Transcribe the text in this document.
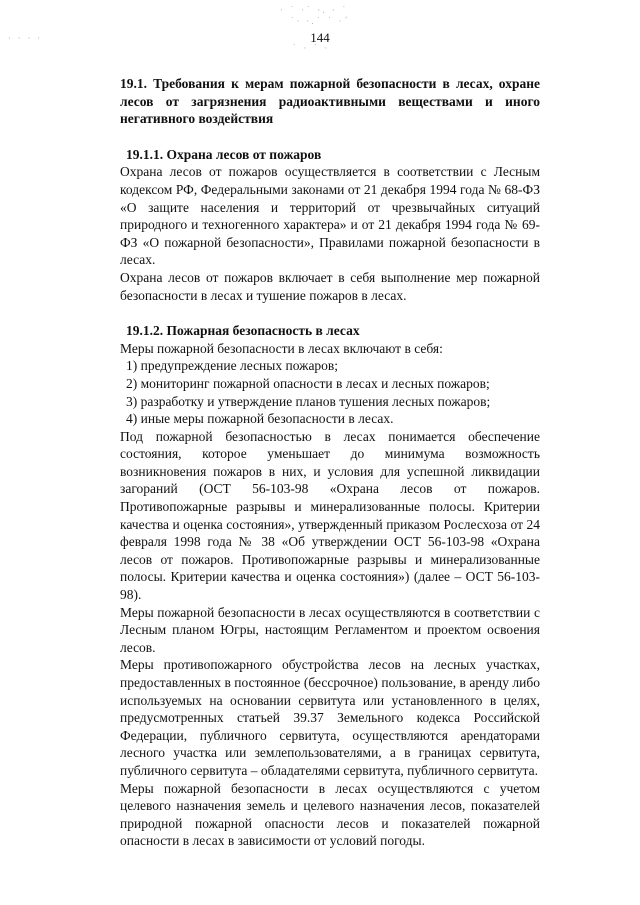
· ˙ ·˙ ·. · ˙
˙· ·.˙ ˙ ·´
· · · ·
˙ · ˙ ·
144
19.1. Требования к мерам пожарной безопасности в лесах, охране
лесов от загрязнения радиоактивными веществами и иного
негативного воздействия
19.1.1. Охрана лесов от пожаров

Охрана лесов от пожаров осуществляется в соответствии с Лесным кодексом РФ, Федеральными законами от 21 декабря 1994 года № 68-ФЗ «О защите населения и территорий от чрезвычайных ситуаций природного и техногенного характера» и от 21 декабря 1994 года № 69-ФЗ «О пожарной безопасности», Правилами пожарной безопасности в лесах.

Охрана лесов от пожаров включает в себя выполнение мер пожарной безопасности в лесах и тушение пожаров в лесах.

19.1.2. Пожарная безопасность в лесах

Меры пожарной безопасности в лесах включают в себя:

1) предупреждение лесных пожаров;

2) мониторинг пожарной опасности в лесах и лесных пожаров;

3) разработку и утверждение планов тушения лесных пожаров;

4) иные меры пожарной безопасности в лесах.

Под пожарной безопасностью в лесах понимается обеспечение состояния, которое уменьшает до минимума возможность возникновения пожаров в них, и условия для успешной ликвидации загораний (ОСТ 56-103-98 «Охрана лесов от пожаров. Противопожарные разрывы и минерализованные полосы. Критерии качества и оценка состояния», утвержденный приказом Рослесхоза от 24 февраля 1998 года № 38 «Об утверждении ОСТ 56-103-98 «Охрана лесов от пожаров. Противопожарные разрывы и минерализованные полосы. Критерии качества и оценка состояния») (далее – ОСТ 56-103-98).

Меры пожарной безопасности в лесах осуществляются в соответствии с Лесным планом Югры, настоящим Регламентом и проектом освоения лесов.

Меры противопожарного обустройства лесов на лесных участках, предоставленных в постоянное (бессрочное) пользование, в аренду либо используемых на основании сервитута или установленного в целях, предусмотренных статьей 39.37 Земельного кодекса Российской Федерации, публичного сервитута, осуществляются арендаторами лесного участка или землепользователями, а в границах сервитута, публичного сервитута – обладателями сервитута, публичного сервитута.

Меры пожарной безопасности в лесах осуществляются с учетом целевого назначения земель и целевого назначения лесов, показателей природной пожарной опасности лесов и показателей пожарной опасности в лесах в зависимости от условий погоды.
